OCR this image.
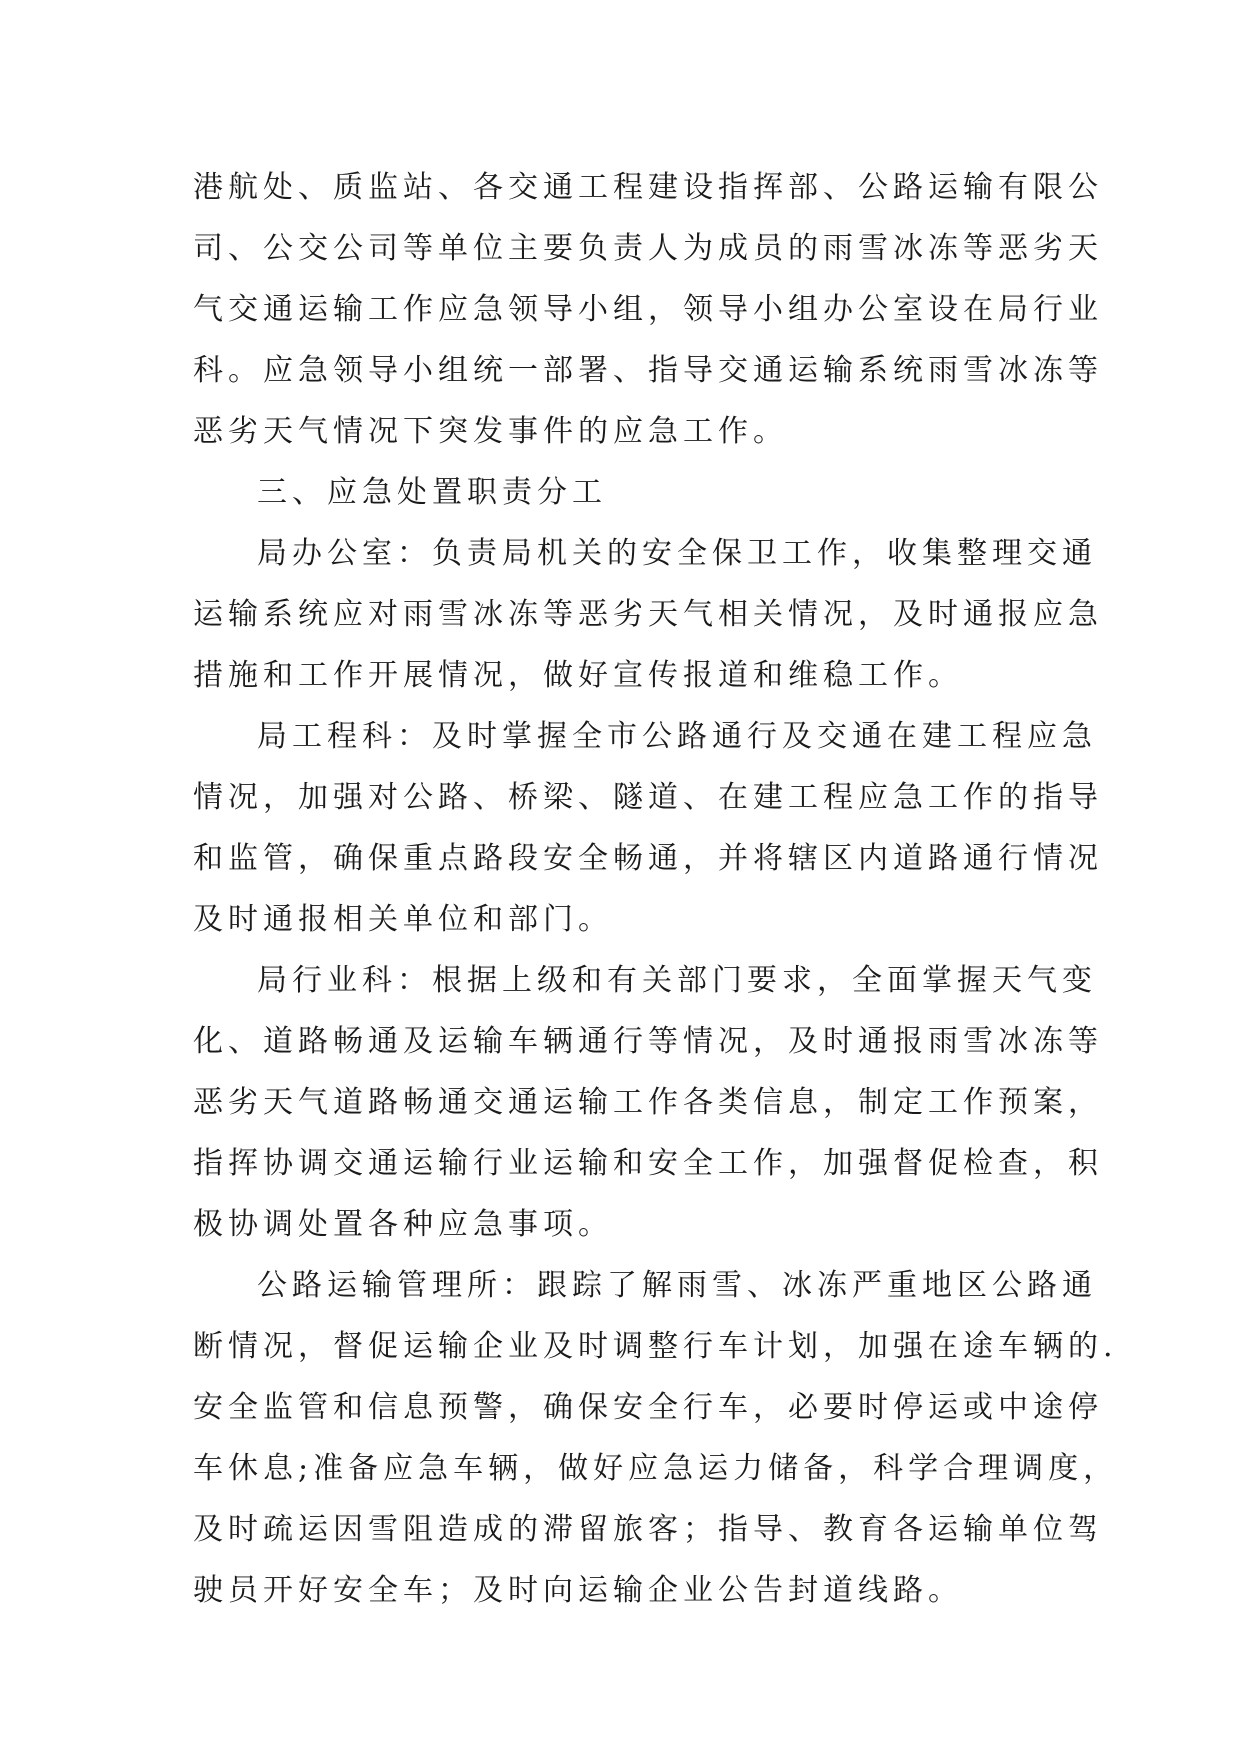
港航处、质监站、各交通工程建设指挥部、公路运输有限公
司、公交公司等单位主要负责人为成员的雨雪冰冻等恶劣天
气交通运输工作应急领导小组，领导小组办公室设在局行业
科。应急领导小组统一部署、指导交通运输系统雨雪冰冻等
恶劣天气情况下突发事件的应急工作。
三、应急处置职责分工
局办公室：负责局机关的安全保卫工作，收集整理交通
运输系统应对雨雪冰冻等恶劣天气相关情况，及时通报应急
措施和工作开展情况，做好宣传报道和维稳工作。
局工程科：及时掌握全市公路通行及交通在建工程应急
情况，加强对公路、桥梁、隧道、在建工程应急工作的指导
和监管，确保重点路段安全畅通，并将辖区内道路通行情况
及时通报相关单位和部门。
局行业科：根据上级和有关部门要求，全面掌握天气变
化、道路畅通及运输车辆通行等情况，及时通报雨雪冰冻等
恶劣天气道路畅通交通运输工作各类信息，制定工作预案，
指挥协调交通运输行业运输和安全工作，加强督促检查，积
极协调处置各种应急事项。
公路运输管理所：跟踪了解雨雪、冰冻严重地区公路通
断情况，督促运输企业及时调整行车计划，加强在途车辆的.
安全监管和信息预警，确保安全行车，必要时停运或中途停
车休息;准备应急车辆，做好应急运力储备，科学合理调度，
及时疏运因雪阻造成的滞留旅客；指导、教育各运输单位驾
驶员开好安全车；及时向运输企业公告封道线路。
